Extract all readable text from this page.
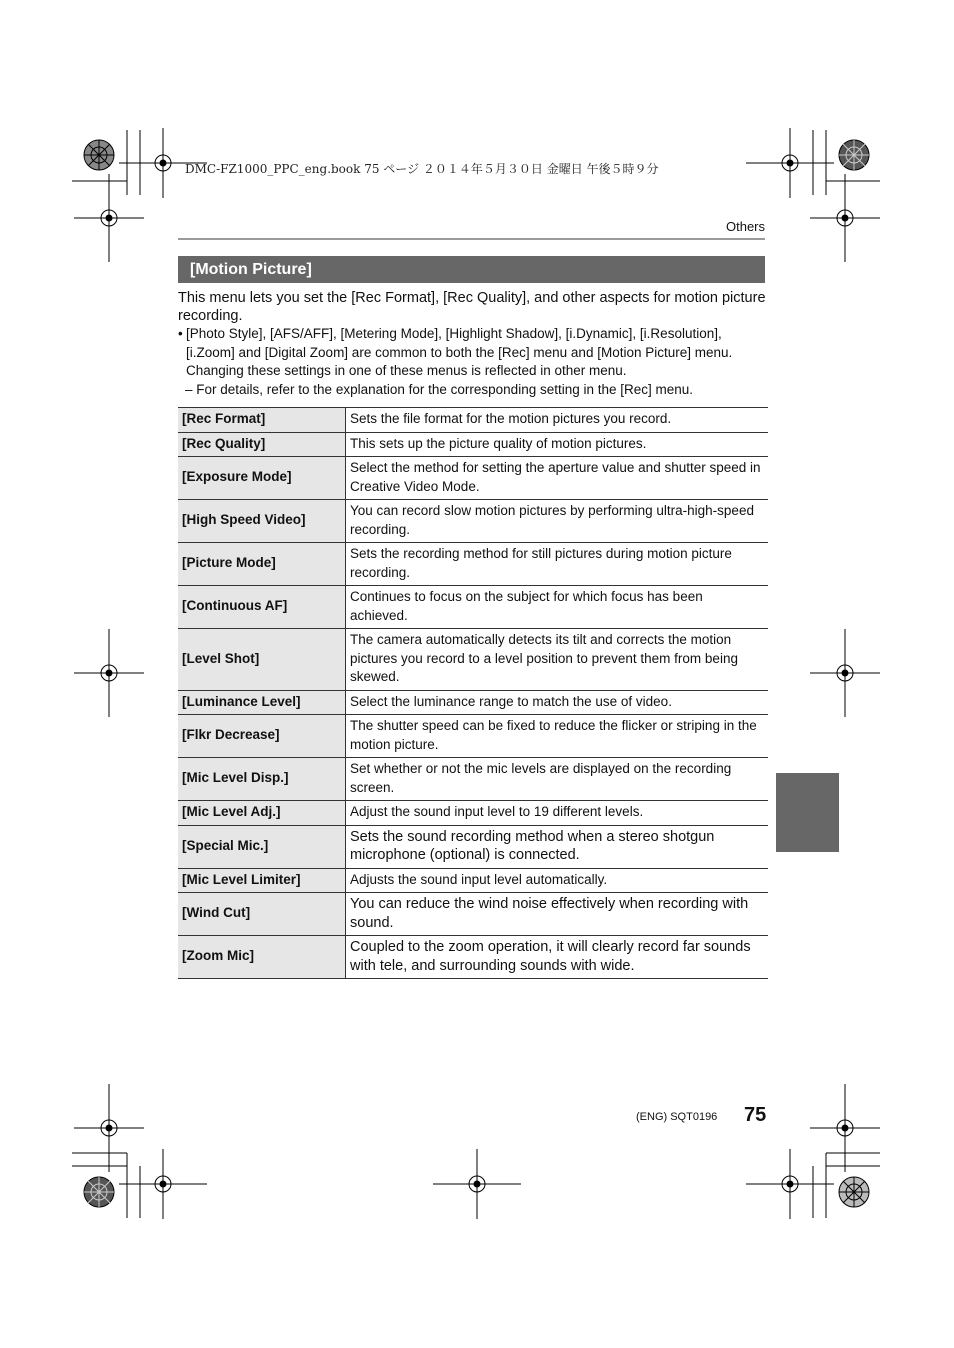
DMC-FZ1000_PPC_eng.book 75 ページ ２０１４年５月３０日 金曜日 午後５時９分
Others
[Motion Picture]
This menu lets you set the [Rec Format], [Rec Quality], and other aspects for motion picture recording.
• [Photo Style], [AFS/AFF], [Metering Mode], [Highlight Shadow], [i.Dynamic], [i.Resolution], [i.Zoom] and [Digital Zoom] are common to both the [Rec] menu and [Motion Picture] menu. Changing these settings in one of these menus is reflected in other menu.
– For details, refer to the explanation for the corresponding setting in the [Rec] menu.
[Rec Format]	Sets the file format for the motion pictures you record.
[Rec Quality]	This sets up the picture quality of motion pictures.
[Exposure Mode]	Select the method for setting the aperture value and shutter speed in Creative Video Mode.
[High Speed Video]	You can record slow motion pictures by performing ultra-high-speed recording.
[Picture Mode]	Sets the recording method for still pictures during motion picture recording.
[Continuous AF]	Continues to focus on the subject for which focus has been achieved.
[Level Shot]	The camera automatically detects its tilt and corrects the motion pictures you record to a level position to prevent them from being skewed.
[Luminance Level]	Select the luminance range to match the use of video.
[Flkr Decrease]	The shutter speed can be fixed to reduce the flicker or striping in the motion picture.
[Mic Level Disp.]	Set whether or not the mic levels are displayed on the recording screen.
[Mic Level Adj.]	Adjust the sound input level to 19 different levels.
[Special Mic.]	Sets the sound recording method when a stereo shotgun microphone (optional) is connected.
[Mic Level Limiter]	Adjusts the sound input level automatically.
[Wind Cut]	You can reduce the wind noise effectively when recording with sound.
[Zoom Mic]	Coupled to the zoom operation, it will clearly record far sounds with tele, and surrounding sounds with wide.
(ENG) SQT0196 75
